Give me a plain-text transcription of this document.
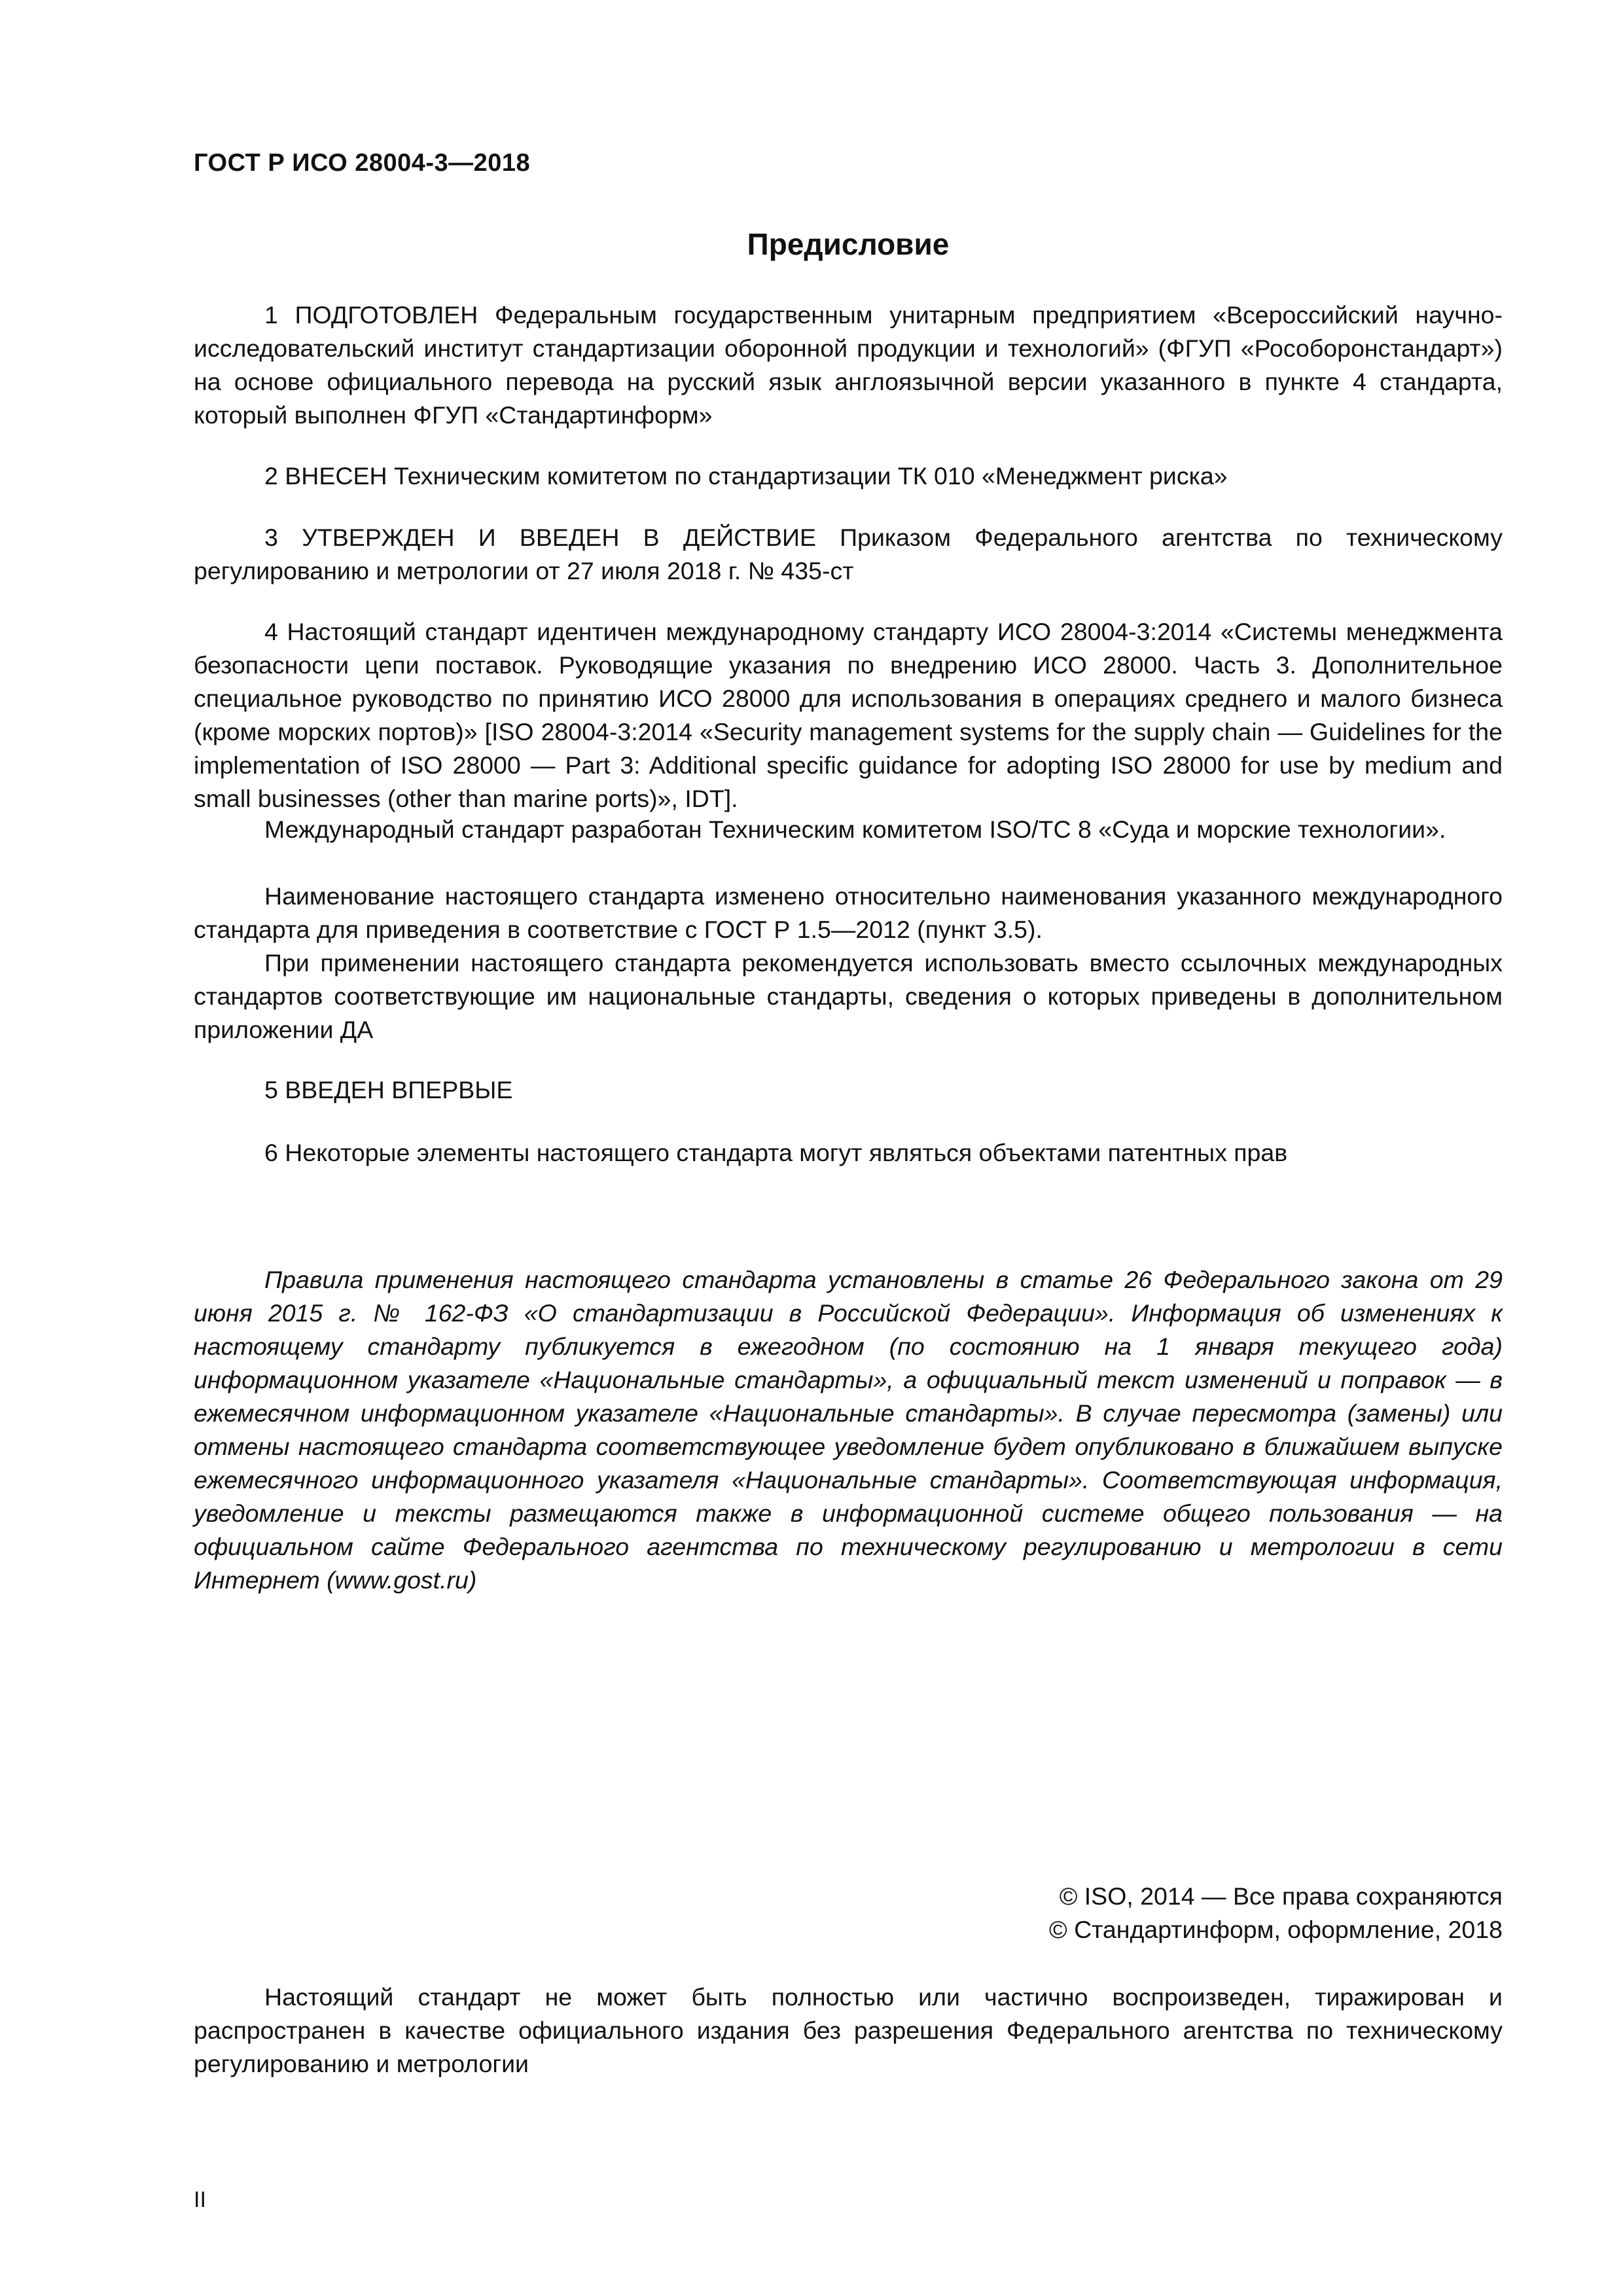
ГОСТ Р ИСО 28004-3—2018
Предисловие

1 ПОДГОТОВЛЕН Федеральным государственным унитарным предприятием «Всероссийский научно-исследовательский институт стандартизации оборонной продукции и технологий» (ФГУП «Рособоронстандарт») на основе официального перевода на русский язык англоязычной версии указанного в пункте 4 стандарта, который выполнен ФГУП «Стандартинформ»

2 ВНЕСЕН Техническим комитетом по стандартизации ТК 010 «Менеджмент риска»

3 УТВЕРЖДЕН И ВВЕДЕН В ДЕЙСТВИЕ Приказом Федерального агентства по техническому регулированию и метрологии от 27 июля 2018 г. № 435-ст

4 Настоящий стандарт идентичен международному стандарту ИСО 28004-3:2014 «Системы менеджмента безопасности цепи поставок. Руководящие указания по внедрению ИСО 28000. Часть 3. Дополнительное специальное руководство по принятию ИСО 28000 для использования в операциях среднего и малого бизнеса (кроме морских портов)» [ISO 28004-3:2014 «Security management systems for the supply chain — Guidelines for the implementation of ISO 28000 — Part 3: Additional specific guidance for adopting ISO 28000 for use by medium and small businesses (other than marine ports)», IDT].

Международный стандарт разработан Техническим комитетом ISO/TC 8 «Суда и морские технологии».

Наименование настоящего стандарта изменено относительно наименования указанного международного стандарта для приведения в соответствие с ГОСТ Р 1.5—2012 (пункт 3.5).

При применении настоящего стандарта рекомендуется использовать вместо ссылочных международных стандартов соответствующие им национальные стандарты, сведения о которых приведены в дополнительном приложении ДА

5 ВВЕДЕН ВПЕРВЫЕ

6 Некоторые элементы настоящего стандарта могут являться объектами патентных прав

Правила применения настоящего стандарта установлены в статье 26 Федерального закона от 29 июня 2015 г. № 162-ФЗ «О стандартизации в Российской Федерации». Информация об изменениях к настоящему стандарту публикуется в ежегодном (по состоянию на 1 января текущего года) информационном указателе «Национальные стандарты», а официальный текст изменений и поправок — в ежемесячном информационном указателе «Национальные стандарты». В случае пересмотра (замены) или отмены настоящего стандарта соответствующее уведомление будет опубликовано в ближайшем выпуске ежемесячного информационного указателя «Национальные стандарты». Соответствующая информация, уведомление и тексты размещаются также в информационной системе общего пользования — на официальном сайте Федерального агентства по техническому регулированию и метрологии в сети Интернет (www.gost.ru)

© ISO, 2014 — Все права сохраняются
© Стандартинформ, оформление, 2018

Настоящий стандарт не может быть полностью или частично воспроизведен, тиражирован и распространен в качестве официального издания без разрешения Федерального агентства по техническому регулированию и метрологии

II
